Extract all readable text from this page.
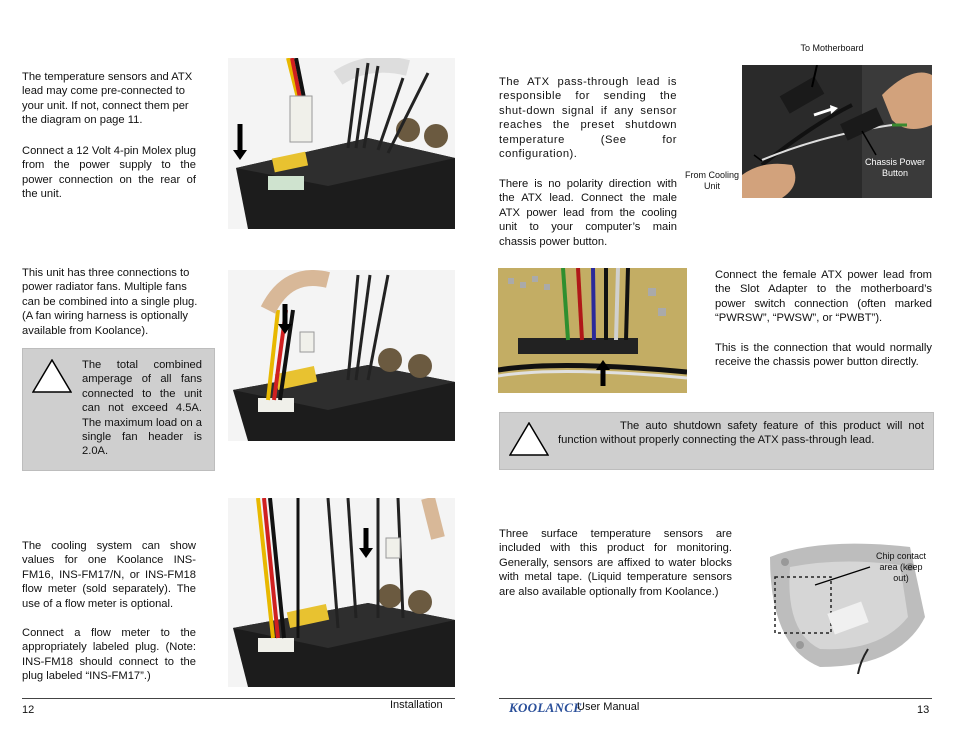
The temperature sensors and ATX lead may come pre-connected to your unit. If not, connect them per the diagram on page 11.

Connect a 12 Volt 4-pin Molex plug from the power supply to the power connection on the rear of the unit.

This unit has three connections to power radiator fans. Multiple fans can be combined into a single plug. (A fan wiring harness is optionally available from Koolance).

The total combined amperage of all fans connected to the unit can not exceed 4.5A. The maximum load on a single fan header is 2.0A.

The cooling system can show values for one Koolance INS-FM16, INS-FM17/N, or INS-FM18 flow meter (sold separately). The use of a flow meter is optional.

Connect a flow meter to the appropriately labeled plug. (Note: INS-FM18 should connect to the plug labeled “INS-FM17”.)

12	Installation

The ATX pass-through lead is responsible for sending the shut-down signal if any sensor reaches the preset shutdown temperature (See for configuration).

There is no polarity direction with the ATX lead. Connect the male ATX power lead from the cooling unit to your computer’s main chassis power button.

To Motherboard
From Cooling Unit
Chassis Power Button

Connect the female ATX power lead from the Slot Adapter to the motherboard’s power switch connection (often marked “PWRSW”, “PWSW”, or “PWBT”).

This is the connection that would normally receive the chassis power button directly.

The auto shutdown safety feature of this product will not function without properly connecting the ATX pass-through lead.

Three surface temperature sensors are included with this product for monitoring. Generally, sensors are affixed to water blocks with metal tape. (Liquid temperature sensors are also available optionally from Koolance.)

Chip contact area (keep out)
KOOLANCE
User Manual	13
